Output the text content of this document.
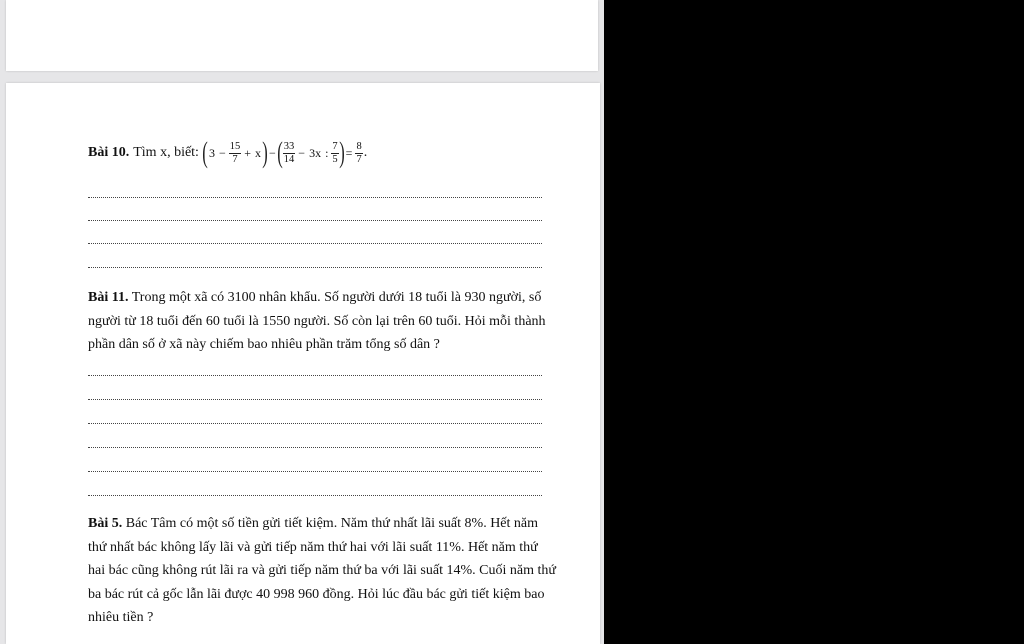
Bài 10. Tìm x, biết: ( $3 - \frac{15}{7} + x$ ) − ( $\frac{33}{14} - 3x$ : $\frac{7}{5}$ ) = $\frac{8}{7}$ .

Bài 11. Trong một xã có 3100 nhân khẩu. Số người dưới 18 tuổi là 930 người, số người từ 18 tuổi đến 60 tuổi là 1550 người. Số còn lại trên 60 tuổi. Hỏi mỗi thành phần dân số ở xã này chiếm bao nhiêu phần trăm tổng số dân ?

Bài 5. Bác Tâm có một số tiền gửi tiết kiệm. Năm thứ nhất lãi suất 8%. Hết năm thứ nhất bác không lấy lãi và gửi tiếp năm thứ hai với lãi suất 11%. Hết năm thứ hai bác cũng không rút lãi ra và gửi tiếp năm thứ ba với lãi suất 14%. Cuối năm thứ ba bác rút cả gốc lẫn lãi được 40 998 960 đồng. Hỏi lúc đầu bác gửi tiết kiệm bao nhiêu tiền ?
